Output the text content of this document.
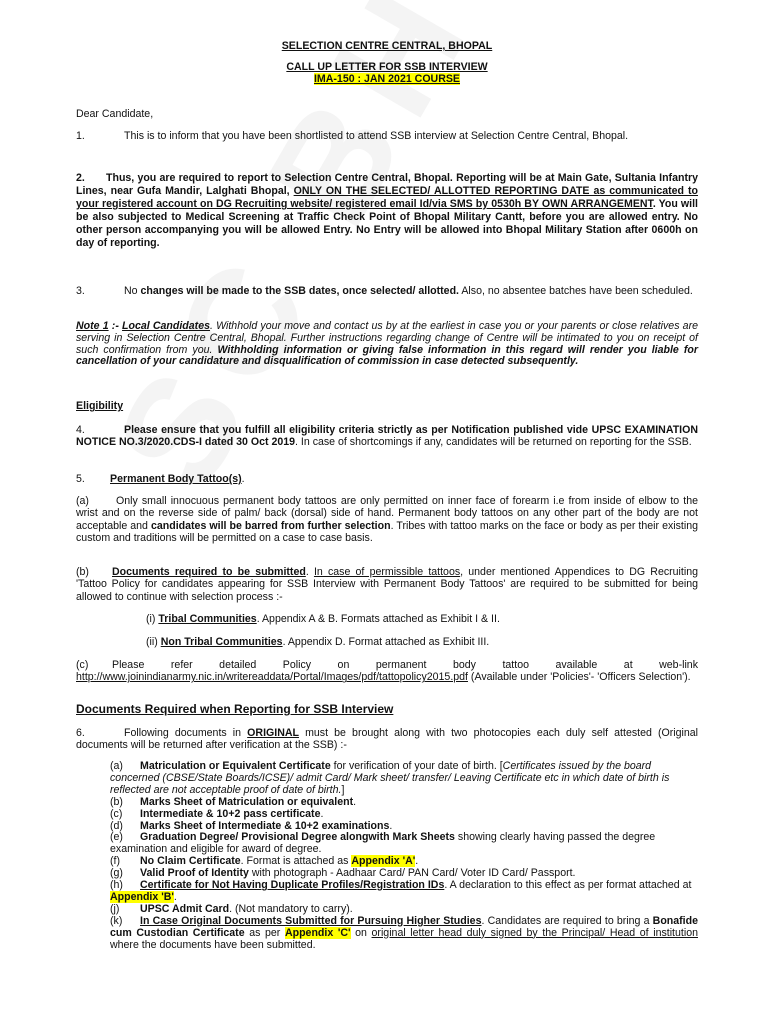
SELECTION CENTRE CENTRAL, BHOPAL
CALL UP LETTER FOR SSB INTERVIEW
IMA-150 : JAN 2021 COURSE
Dear Candidate,
1.	This is to inform that you have been shortlisted to attend SSB interview at Selection Centre Central, Bhopal.
2. Thus, you are required to report to Selection Centre Central, Bhopal. Reporting will be at Main Gate, Sultania Infantry Lines, near Gufa Mandir, Lalghati Bhopal, ONLY ON THE SELECTED/ ALLOTTED REPORTING DATE as communicated to your registered account on DG Recruiting website/ registered email Id/via SMS by 0530h BY OWN ARRANGEMENT. You will be also subjected to Medical Screening at Traffic Check Point of Bhopal Military Cantt, before you are allowed entry. No other person accompanying you will be allowed Entry. No Entry will be allowed into Bhopal Military Station after 0600h on day of reporting.
3.	No changes will be made to the SSB dates, once selected/ allotted. Also, no absentee batches have been scheduled.
Note 1 :- Local Candidates. Withhold your move and contact us by at the earliest in case you or your parents or close relatives are serving in Selection Centre Central, Bhopal. Further instructions regarding change of Centre will be intimated to you on receipt of such confirmation from you. Withholding information or giving false information in this regard will render you liable for cancellation of your candidature and disqualification of commission in case detected subsequently.
Eligibility
4.	Please ensure that you fulfill all eligibility criteria strictly as per Notification published vide UPSC EXAMINATION NOTICE NO.3/2020.CDS-I dated 30 Oct 2019. In case of shortcomings if any, candidates will be returned on reporting for the SSB.
5. Permanent Body Tattoo(s).
(a)	Only small innocuous permanent body tattoos are only permitted on inner face of forearm i.e from inside of elbow to the wrist and on the reverse side of palm/ back (dorsal) side of hand. Permanent body tattoos on any other part of the body are not acceptable and candidates will be barred from further selection. Tribes with tattoo marks on the face or body as per their existing custom and traditions will be permitted on a case to case basis.
(b) Documents required to be submitted. In case of permissible tattoos, under mentioned Appendices to DG Recruiting 'Tattoo Policy for candidates appearing for SSB Interview with Permanent Body Tattoos' are required to be submitted for being allowed to continue with selection process :-
(i) Tribal Communities. Appendix A & B. Formats attached as Exhibit I & II.
(ii) Non Tribal Communities. Appendix D. Format attached as Exhibit III.
(c) Please refer detailed Policy on permanent body tattoo available at web-link http://www.joinindianarmy.nic.in/writereaddata/Portal/Images/pdf/tattopolicy2015.pdf (Available under 'Policies'- 'Officers Selection').
Documents Required when Reporting for SSB Interview
6.	Following documents in ORIGINAL must be brought along with two photocopies each duly self attested (Original documents will be returned after verification at the SSB) :-
(a) Matriculation or Equivalent Certificate for verification of your date of birth. [Certificates issued by the board concerned (CBSE/State Boards/ICSE)/ admit Card/ Mark sheet/ transfer/ Leaving Certificate etc in which date of birth is reflected are not acceptable proof of date of birth.]
(b) Marks Sheet of Matriculation or equivalent.
(c) Intermediate & 10+2 pass certificate.
(d) Marks Sheet of Intermediate & 10+2 examinations.
(e) Graduation Degree/ Provisional Degree alongwith Mark Sheets showing clearly having passed the degree examination and eligible for award of degree.
(f) No Claim Certificate. Format is attached as Appendix 'A'.
(g) Valid Proof of Identity with photograph - Aadhaar Card/ PAN Card/ Voter ID Card/ Passport.
(h) Certificate for Not Having Duplicate Profiles/Registration IDs. A declaration to this effect as per format attached at Appendix 'B'.
(j) UPSC Admit Card. (Not mandatory to carry).
(k) In Case Original Documents Submitted for Pursuing Higher Studies. Candidates are required to bring a Bonafide cum Custodian Certificate as per Appendix 'C' on original letter head duly signed by the Principal/ Head of institution where the documents have been submitted.
